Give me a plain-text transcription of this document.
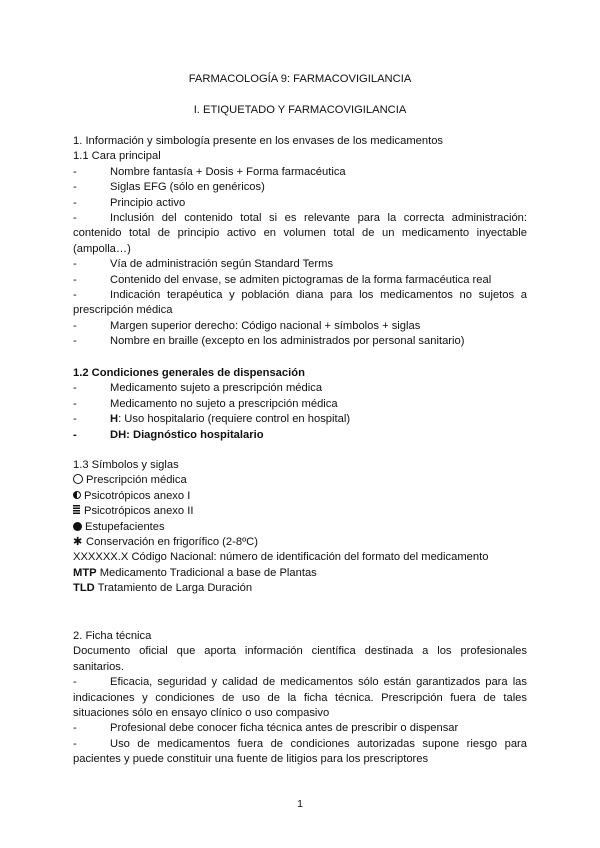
FARMACOLOGÍA 9: FARMACOVIGILANCIA
I. ETIQUETADO Y FARMACOVIGILANCIA
1. Información y simbología presente en los envases de los medicamentos
1.1 Cara principal
-	Nombre fantasía + Dosis + Forma farmacéutica
-	Siglas EFG (sólo en genéricos)
-	Principio activo
-	Inclusión del contenido total si es relevante para la correcta administración: contenido total de principio activo en volumen total de un medicamento inyectable (ampolla…)
-	Vía de administración según Standard Terms
-	Contenido del envase, se admiten pictogramas de la forma farmacéutica real
-	Indicación terapéutica y población diana para los medicamentos no sujetos a prescripción médica
-	Margen superior derecho: Código nacional + símbolos + siglas
-	Nombre en braille (excepto en los administrados por personal sanitario)
1.2 Condiciones generales de dispensación
-	Medicamento sujeto a prescripción médica
-	Medicamento no sujeto a prescripción médica
-	H: Uso hospitalario (requiere control en hospital)
-	DH: Diagnóstico hospitalario
1.3 Símbolos y siglas
Prescripción médica
Psicotrópicos anexo I
Psicotrópicos anexo II
Estupefacientes
✱ Conservación en frigorífico (2-8ºC)
XXXXXX.X Código Nacional: número de identificación del formato del medicamento
MTP Medicamento Tradicional a base de Plantas
TLD Tratamiento de Larga Duración
2. Ficha técnica
Documento oficial que aporta información científica destinada a los profesionales sanitarios.
-	Eficacia, seguridad y calidad de medicamentos sólo están garantizados para las indicaciones y condiciones de uso de la ficha técnica. Prescripción fuera de tales situaciones sólo en ensayo clínico o uso compasivo
-	Profesional debe conocer ficha técnica antes de prescribir o dispensar
-	Uso de medicamentos fuera de condiciones autorizadas supone riesgo para pacientes y puede constituir una fuente de litigios para los prescriptores
1
